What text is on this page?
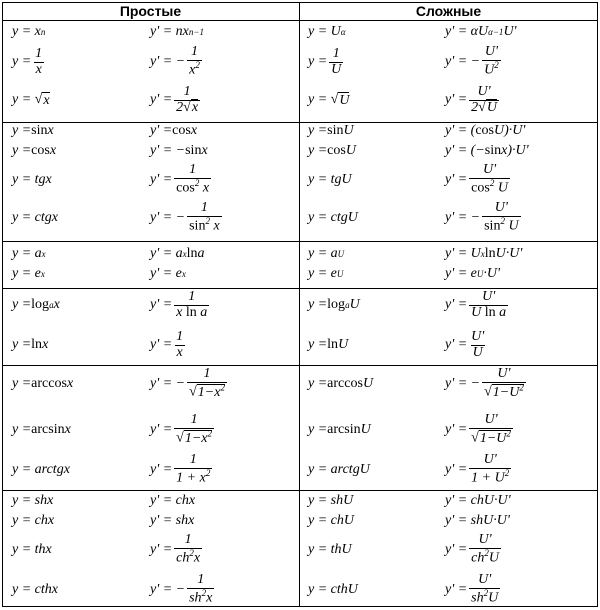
Простые	Сложные
y = x n	y' = nx n−1	y = U α	y' = αU α−1 U'
$y = \frac{1}{x}$	y' = − $\frac{1}{x^2}$	$y = \frac{1}{U}$	y' = − $\frac{U'}{U^2}$
y = √ x	$y' = \frac{1}{2√x}$	y = √ U	$y' = \frac{U'}{2√U}$
y = sin x	y' = cos x	y = sin U	y' = ( cos U)·U'
y = cos x	y' = − sin x	y = cos U	y' = (− sin x)·U'
y = tgx	$y' = \frac{1}{\cos^2 x}$	y = tgU	$y' = \frac{U'}{\cos^2 U}$
y = ctgx	y' = − $\frac{1}{\sin^2 x}$	y = ctgU	y' = − $\frac{U'}{\sin^2 U}$
y = a x	y' = a x ln a	y = a U	y' = U x ln U·U'
y = e x	y' = e x	y = e U	y' = e U ·U'
y = log a x	$y' = \frac{1}{\text{x ln a}}$	y = log a U	$y' = \frac{U'}{\text{U ln a}}$
y = ln x	$y' = \frac{1}{x}$	y = ln U	$y' = \frac{U'}{U}$
y = arccos x	y' = − $\frac{1}{√1-x^2}$	y = arccos U	y' = − $\frac{U'}{√1-U^2}$
y = arcsin x	$y' = \frac{1}{√1-x^2}$	y = arcsin U	$y' = \frac{U'}{√1-U^2}$
y = arctgx	$y' = \frac{1}{1 + x^2}$	y = arctgU	$y' = \frac{U'}{1 + U^2}$
y = shx	y' = chx	y = shU	y' = chU·U'
y = chx	y' = shx	y = chU	y' = shU·U'
y = thx	$y' = \frac{1}{ch^2x}$	y = thU	$y' = \frac{U'}{ch^2U}$
y = cthx	y' = − $\frac{1}{sh^2x}$	y = cthU	$y' = \frac{U'}{sh^2U}$
